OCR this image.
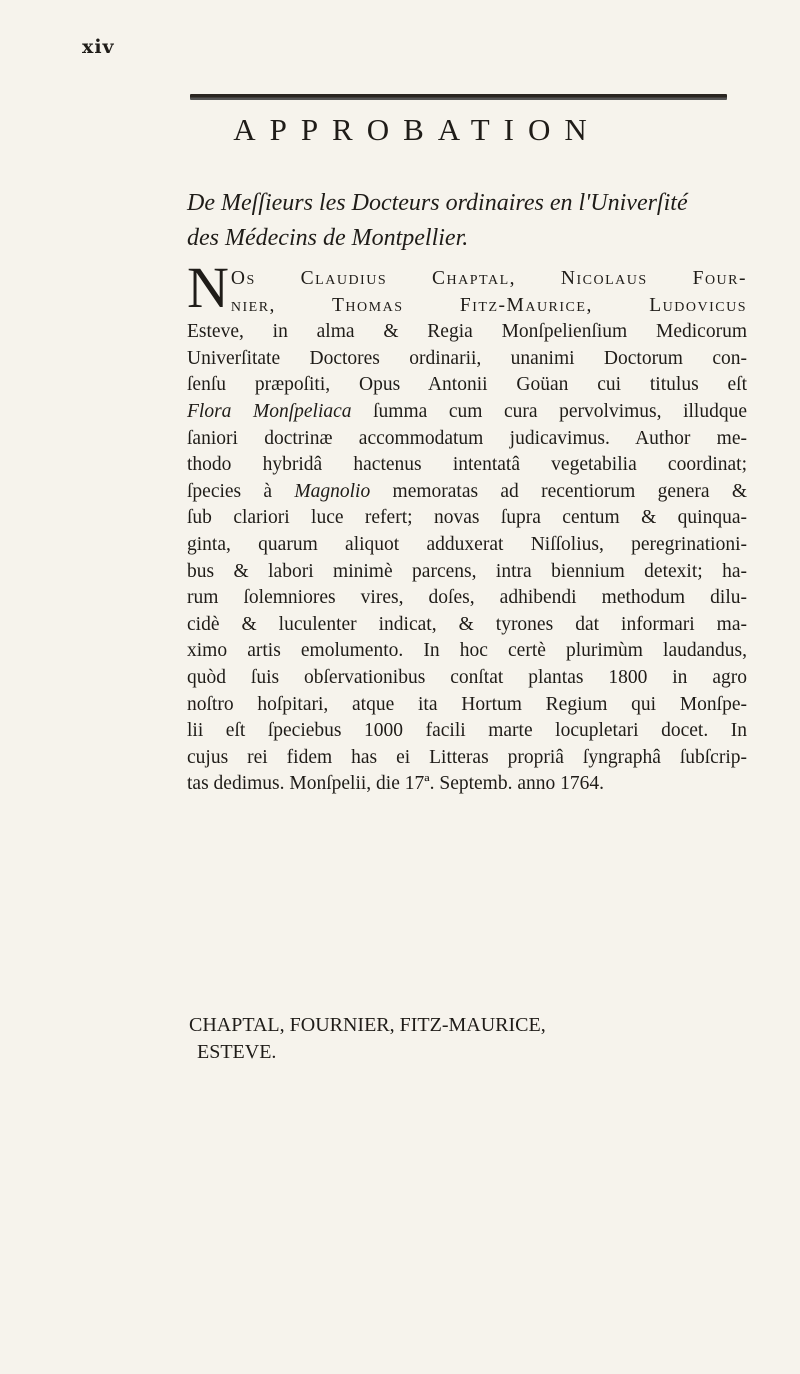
xiv
APPROBATION
De Meſſieurs les Docteurs ordinaires en l'Univerſité
des Médecins de Montpellier.
N Os Claudius Chaptal, Nicolaus Four-
nier, Thomas Fitz-Maurice, Ludovicus
Esteve, in alma & Regia Monſpelienſium Medicorum
Univerſitate Doctores ordinarii, unanimi Doctorum con-
ſenſu præpoſiti, Opus Antonii Goüan cui titulus eſt
Flora Monſpeliaca ſumma cum cura pervolvimus, illudque
ſaniori doctrinæ accommodatum judicavimus. Author me-
thodo hybridâ hactenus intentatâ vegetabilia coordinat;
ſpecies à Magnolio memoratas ad recentiorum genera &
ſub clariori luce refert; novas ſupra centum & quinqua-
ginta, quarum aliquot adduxerat Niſſolius, peregrinationi-
bus & labori minimè parcens, intra biennium detexit; ha-
rum ſolemniores vires, doſes, adhibendi methodum dilu-
cidè & luculenter indicat, & tyrones dat informari ma-
ximo artis emolumento. In hoc certè plurimùm laudandus,
quòd ſuis obſervationibus conſtat plantas 1800 in agro
noſtro hoſpitari, atque ita Hortum Regium qui Monſpe-
lii eſt ſpeciebus 1000 facili marte locupletari docet. In
cujus rei fidem has ei Litteras propriâ ſyngraphâ ſubſcrip-
tas dedimus. Monſpelii, die 17ª. Septemb. anno 1764.
CHAPTAL, FOURNIER, FITZ-MAURICE,
ESTEVE.
